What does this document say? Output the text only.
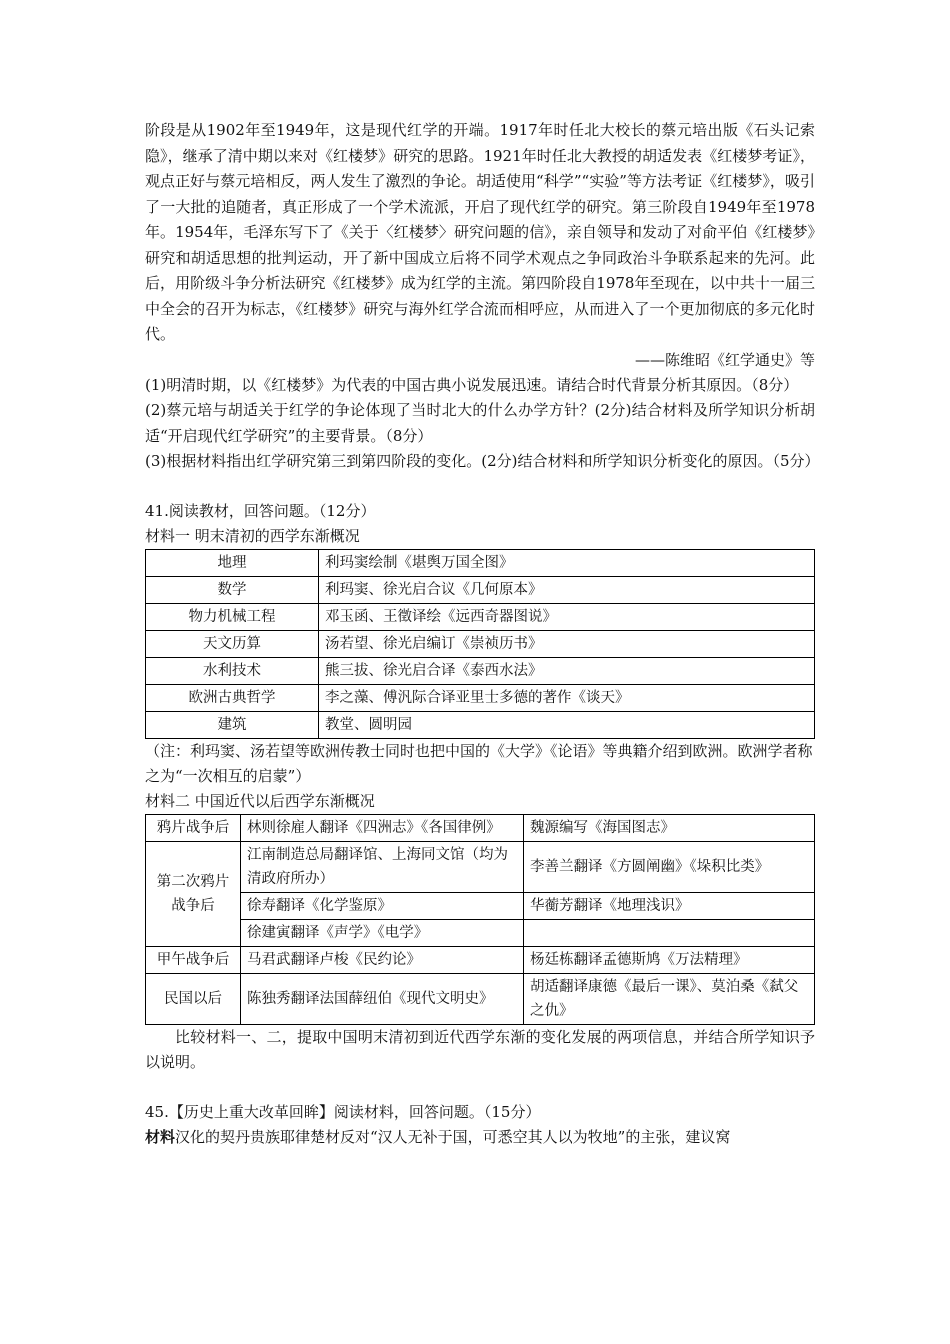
阶段是从1902年至1949年，这是现代红学的开端。1917年时任北大校长的蔡元培出版《石头记索隐》，继承了清中期以来对《红楼梦》研究的思路。1921年时任北大教授的胡适发表《红楼梦考证》，观点正好与蔡元培相反，两人发生了激烈的争论。胡适使用“科学”“实验”等方法考证《红楼梦》，吸引了一大批的追随者，真正形成了一个学术流派，开启了现代红学的研究。第三阶段自1949年至1978年。1954年，毛泽东写下了《关于〈红楼梦〉研究问题的信》，亲自领导和发动了对俞平伯《红楼梦》研究和胡适思想的批判运动，开了新中国成立后将不同学术观点之争同政治斗争联系起来的先河。此后，用阶级斗争分析法研究《红楼梦》成为红学的主流。第四阶段自1978年至现在，以中共十一届三中全会的召开为标志，《红楼梦》研究与海外红学合流而相呼应，从而进入了一个更加彻底的多元化时代。

——陈维昭《红学通史》等

(1)明清时期，以《红楼梦》为代表的中国古典小说发展迅速。请结合时代背景分析其原因。（8分）

(2)蔡元培与胡适关于红学的争论体现了当时北大的什么办学方针？(2分)结合材料及所学知识分析胡适“开启现代红学研究”的主要背景。（8分）

(3)根据材料指出红学研究第三到第四阶段的变化。(2分)结合材料和所学知识分析变化的原因。（5分）

41.阅读教材，回答问题。（12分）

材料一 明末清初的西学东渐概况

地理	利玛窦绘制《堪舆万国全图》
数学	利玛窦、徐光启合议《几何原本》
物力机械工程	邓玉函、王徵译绘《远西奇器图说》
天文历算	汤若望、徐光启编订《崇祯历书》
水利技术	熊三拔、徐光启合译《泰西水法》
欧洲古典哲学	李之藻、傅汎际合译亚里士多德的著作《谈天》
建筑	教堂、圆明园

（注：利玛窦、汤若望等欧洲传教士同时也把中国的《大学》《论语》等典籍介绍到欧洲。欧洲学者称之为“一次相互的启蒙”）

材料二 中国近代以后西学东渐概况

鸦片战争后	林则徐雇人翻译《四洲志》《各国律例》	魏源编写《海国图志》
第二次鸦片战争后	江南制造总局翻译馆、上海同文馆（均为清政府所办）	李善兰翻译《方圆阐幽》《垛积比类》
	徐寿翻译《化学鉴原》	华蘅芳翻译《地理浅识》
	徐建寅翻译《声学》《电学》	
甲午战争后	马君武翻译卢梭《民约论》	杨廷栋翻译孟德斯鸠《万法精理》
民国以后	陈独秀翻译法国薛纽伯《现代文明史》	胡适翻译康德《最后一课》、莫泊桑《弑父之仇》

比较材料一、二，提取中国明末清初到近代西学东渐的变化发展的两项信息，并结合所学知识予以说明。

45.【历史上重大改革回眸】阅读材料，回答问题。（15分）

材料汉化的契丹贵族耶律楚材反对“汉人无补于国，可悉空其人以为牧地”的主张，建议窝
